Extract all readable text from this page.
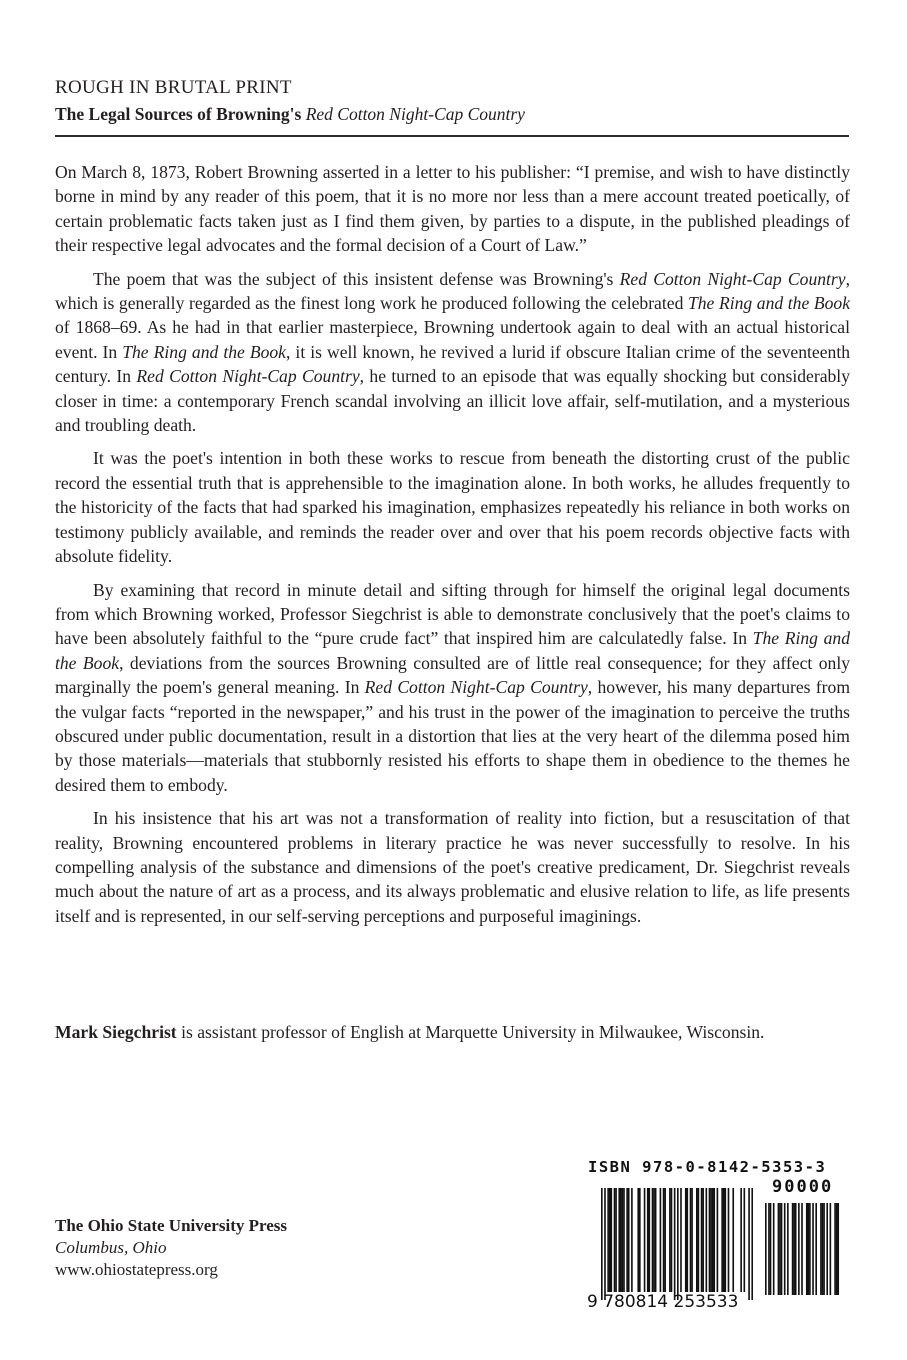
ROUGH IN BRUTAL PRINT
The Legal Sources of Browning's Red Cotton Night-Cap Country

On March 8, 1873, Robert Browning asserted in a letter to his publisher: “I premise, and wish to have distinctly borne in mind by any reader of this poem, that it is no more nor less than a mere account treated poetically, of certain problematic facts taken just as I find them given, by parties to a dispute, in the published pleadings of their respective legal advocates and the formal decision of a Court of Law.”

The poem that was the subject of this insistent defense was Browning's Red Cotton Night-Cap Country, which is generally regarded as the finest long work he produced following the celebrated The Ring and the Book of 1868–69. As he had in that earlier masterpiece, Browning undertook again to deal with an actual historical event. In The Ring and the Book, it is well known, he revived a lurid if obscure Italian crime of the seventeenth century. In Red Cotton Night-Cap Country, he turned to an episode that was equally shocking but considerably closer in time: a contemporary French scandal involving an illicit love affair, self-mutilation, and a mysterious and troubling death.

It was the poet's intention in both these works to rescue from beneath the distorting crust of the public record the essential truth that is apprehensible to the imagination alone. In both works, he alludes frequently to the historicity of the facts that had sparked his imagination, emphasizes repeatedly his reliance in both works on testimony publicly available, and reminds the reader over and over that his poem records objective facts with absolute fidelity.

By examining that record in minute detail and sifting through for himself the original legal documents from which Browning worked, Professor Siegchrist is able to demonstrate conclusively that the poet's claims to have been absolutely faithful to the “pure crude fact” that inspired him are calculatedly false. In The Ring and the Book, deviations from the sources Browning consulted are of little real consequence; for they affect only marginally the poem's general meaning. In Red Cotton Night-Cap Country, however, his many departures from the vulgar facts “reported in the newspaper,” and his trust in the power of the imagination to perceive the truths obscured under public documentation, result in a distortion that lies at the very heart of the dilemma posed him by those materials—materials that stubbornly resisted his efforts to shape them in obedience to the themes he desired them to embody.

In his insistence that his art was not a transformation of reality into fiction, but a resuscitation of that reality, Browning encountered problems in literary practice he was never successfully to resolve. In his compelling analysis of the substance and dimensions of the poet's creative predicament, Dr. Siegchrist reveals much about the nature of art as a process, and its always problematic and elusive relation to life, as life presents itself and is represented, in our self-serving perceptions and purposeful imaginings.

Mark Siegchrist is assistant professor of English at Marquette University in Milwaukee, Wisconsin.
The Ohio State University Press
Columbus, Ohio
www.ohiostatepress.org
ISBN 978-0-8142-5353-3
90000
9 780814 253533
